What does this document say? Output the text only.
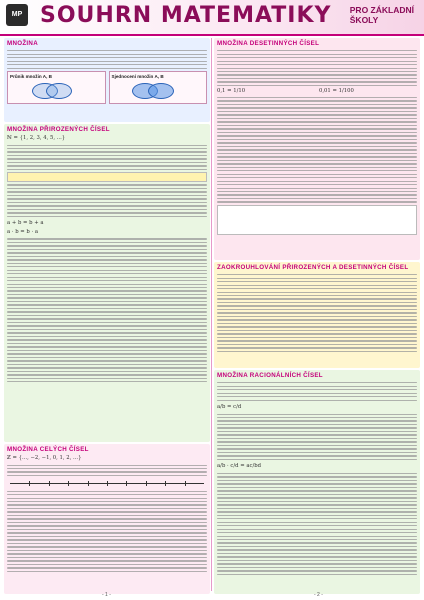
MP SOUHRN MATEMATIKY PRO ZÁKLADNÍ
ŠKOLY
MNOŽINA
Průnik množin A, B	Sjednocení množin A, B
MNOŽINA PŘIROZENÝCH ČÍSEL
ℕ = {1, 2, 3, 4, 5, ...}
a + b = b + a
a · b = b · a
MNOŽINA CELÝCH ČÍSEL
ℤ = {..., −2, −1, 0, 1, 2, ...}
MNOŽINA DESETINNÝCH ČÍSEL
0,1 = 1/10	0,01 = 1/100
ZAOKROUHLOVÁNÍ PŘIROZENÝCH A DESETINNÝCH ČÍSEL
MNOŽINA RACIONÁLNÍCH ČÍSEL
a/b = c/d
a/b · c/d = ac/bd
- 1 -	- 2 -
